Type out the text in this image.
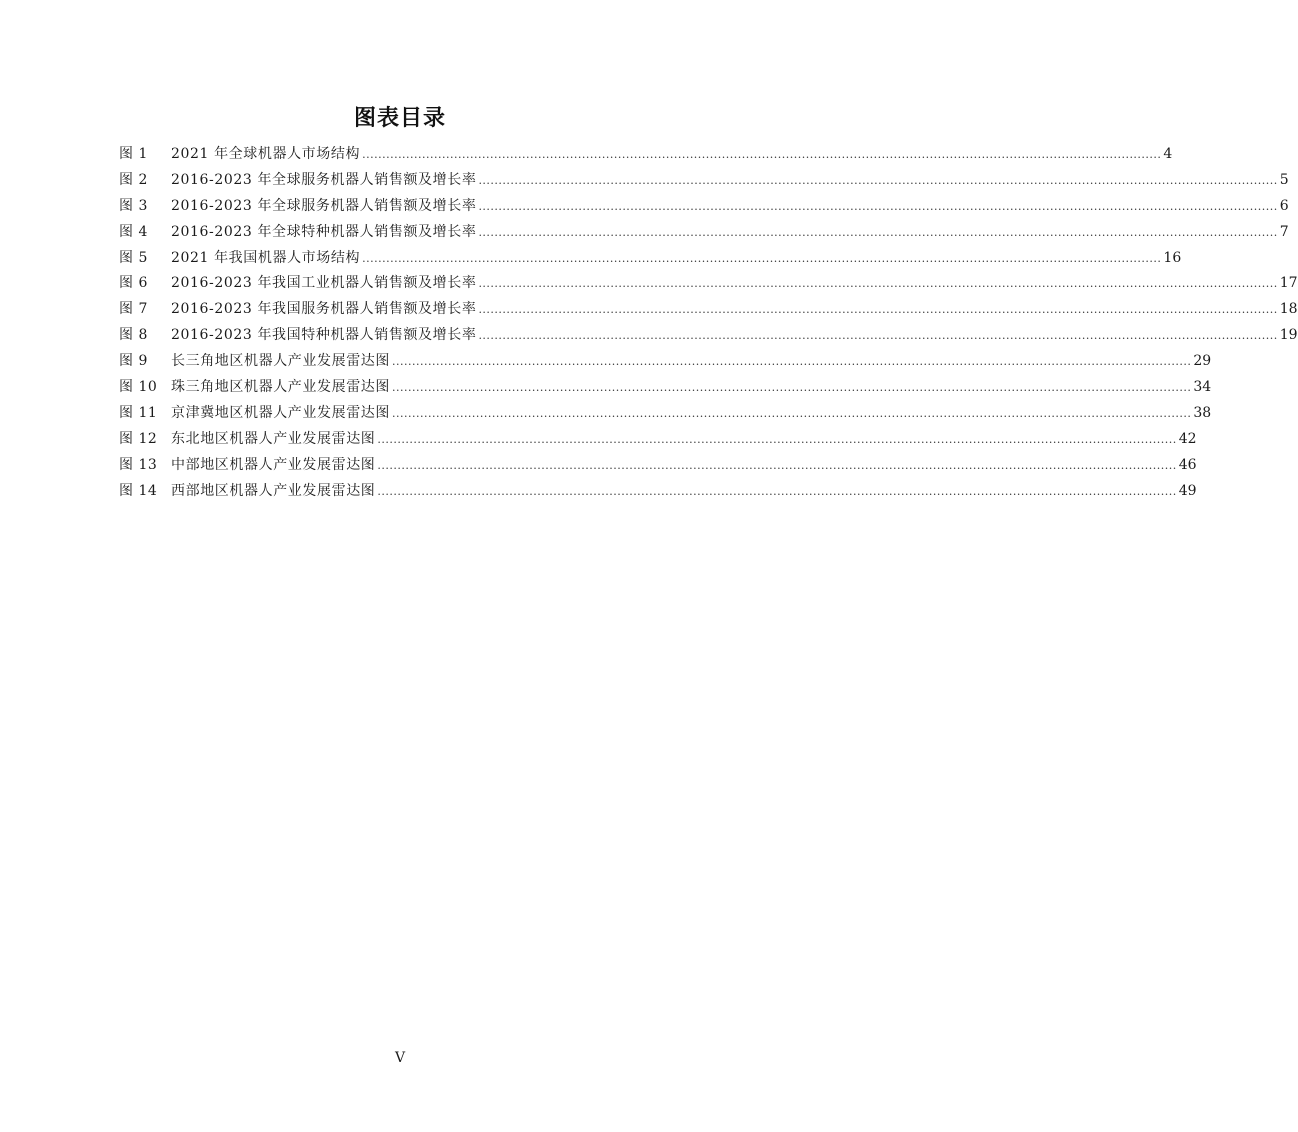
图表目录
图 1	2021 年全球机器人市场结构 ........................................................................................................................................................................................................ 4
图 2	2016-2023 年全球服务机器人销售额及增长率 ........................................................................................................................................................................................................ 5
图 3	2016-2023 年全球服务机器人销售额及增长率 ........................................................................................................................................................................................................ 6
图 4	2016-2023 年全球特种机器人销售额及增长率 ........................................................................................................................................................................................................ 7
图 5	2021 年我国机器人市场结构 ........................................................................................................................................................................................................ 16
图 6	2016-2023 年我国工业机器人销售额及增长率 ........................................................................................................................................................................................................ 17
图 7	2016-2023 年我国服务机器人销售额及增长率 ........................................................................................................................................................................................................ 18
图 8	2016-2023 年我国特种机器人销售额及增长率 ........................................................................................................................................................................................................ 19
图 9	长三角地区机器人产业发展雷达图 ........................................................................................................................................................................................................ 29
图 10 珠三角地区机器人产业发展雷达图 ........................................................................................................................................................................................................ 34
图 11 京津冀地区机器人产业发展雷达图 ........................................................................................................................................................................................................ 38
图 12 东北地区机器人产业发展雷达图 ........................................................................................................................................................................................................ 42
图 13 中部地区机器人产业发展雷达图 ........................................................................................................................................................................................................ 46
图 14 西部地区机器人产业发展雷达图 ........................................................................................................................................................................................................ 49
V
